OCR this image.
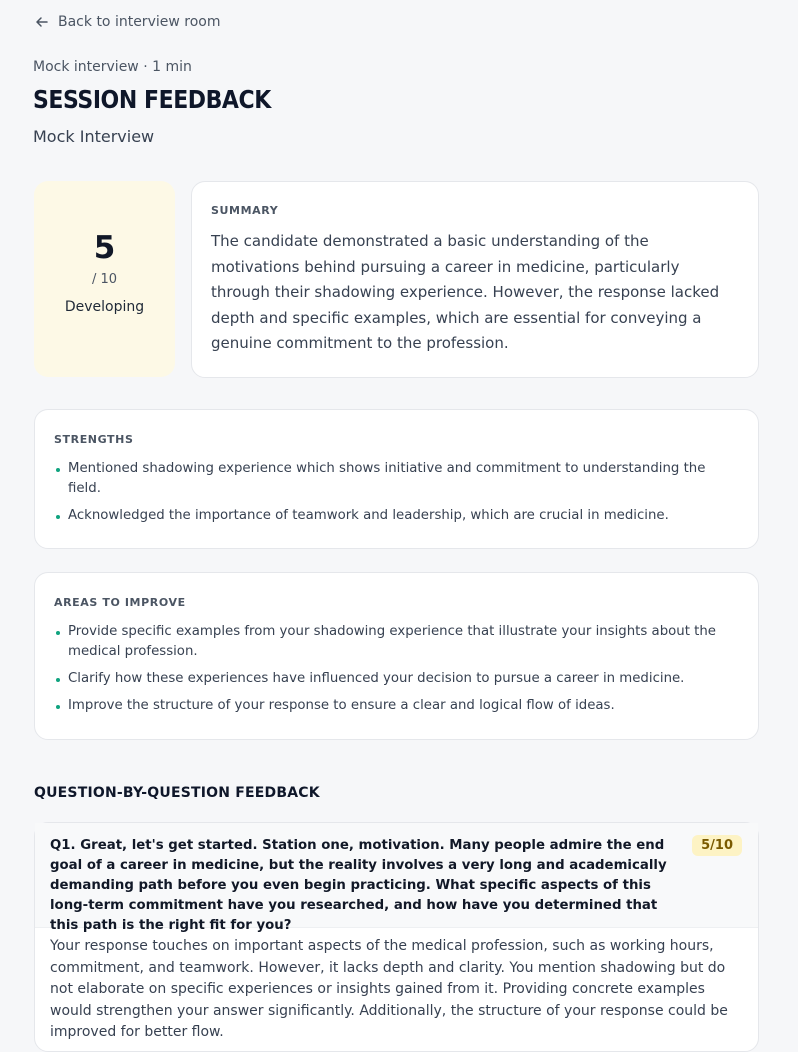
Back to interview room
Mock interview · 1 min
SESSION FEEDBACK
Mock Interview
5
/ 10
Developing
SUMMARY
The candidate demonstrated a basic understanding of the motivations behind pursuing a career in medicine, particularly through their shadowing experience. However, the response lacked depth and specific examples, which are essential for conveying a genuine commitment to the profession.
STRENGTHS
Mentioned shadowing experience which shows initiative and commitment to understanding the field.
Acknowledged the importance of teamwork and leadership, which are crucial in medicine.
AREAS TO IMPROVE
Provide specific examples from your shadowing experience that illustrate your insights about the medical profession.
Clarify how these experiences have influenced your decision to pursue a career in medicine.
Improve the structure of your response to ensure a clear and logical flow of ideas.
QUESTION-BY-QUESTION FEEDBACK
Q1. Great, let's get started. Station one, motivation. Many people admire the end goal of a career in medicine, but the reality involves a very long and academically demanding path before you even begin practicing. What specific aspects of this long-term commitment have you researched, and how have you determined that this path is the right fit for you?
5/10
Your response touches on important aspects of the medical profession, such as working hours, commitment, and teamwork. However, it lacks depth and clarity. You mention shadowing but do not elaborate on specific experiences or insights gained from it. Providing concrete examples would strengthen your answer significantly. Additionally, the structure of your response could be improved for better flow.
